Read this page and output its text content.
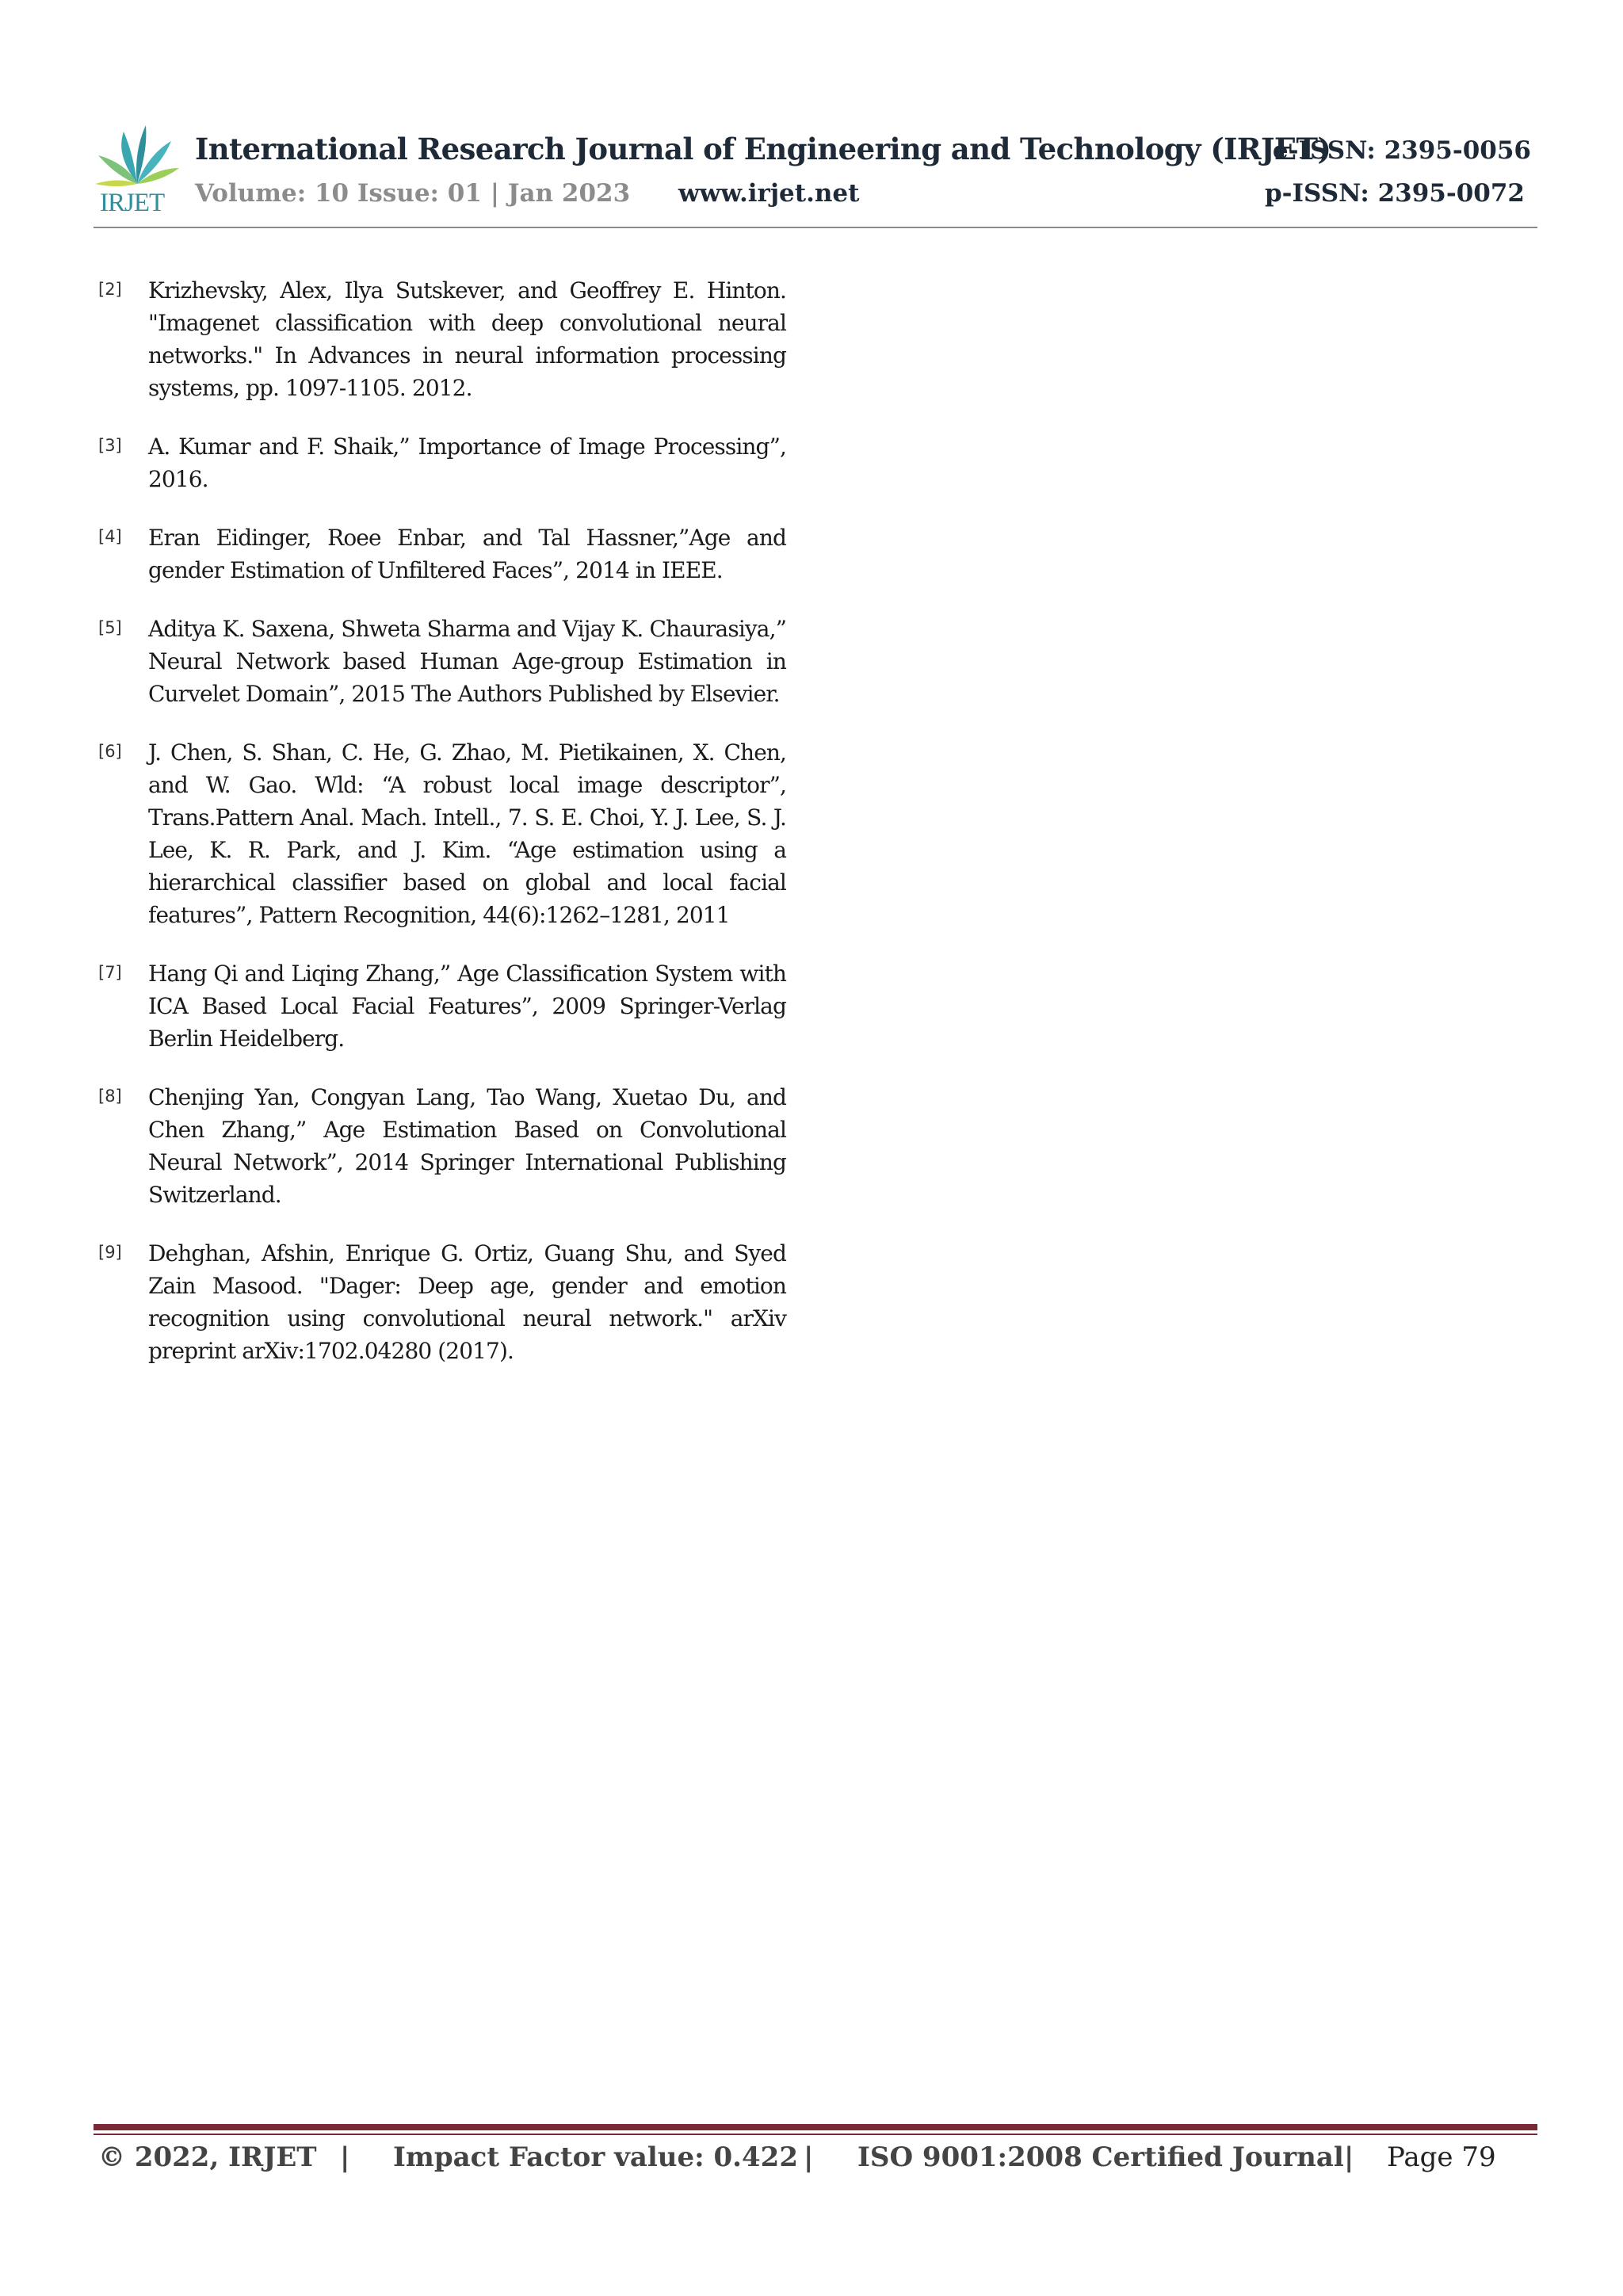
IRJET
International Research Journal of Engineering and Technology (IRJET)
Volume: 10 Issue: 01 | Jan 2023 www.irjet.net
e-ISSN: 2395-0056
p-ISSN: 2395-0072
[2] Krizhevsky, Alex, Ilya Sutskever, and Geoffrey E. Hinton. "Imagenet classification with deep convolutional neural networks." In Advances in neural information processing systems, pp. 1097-1105. 2012.
[3] A. Kumar and F. Shaik,” Importance of Image Processing”, 2016.
[4] Eran Eidinger, Roee Enbar, and Tal Hassner,”Age and gender Estimation of Unfiltered Faces”, 2014 in IEEE.
[5] Aditya K. Saxena, Shweta Sharma and Vijay K. Chaurasiya,” Neural Network based Human Age-group Estimation in Curvelet Domain”, 2015 The Authors Published by Elsevier.
[6] J. Chen, S. Shan, C. He, G. Zhao, M. Pietikainen, X. Chen, and W. Gao. Wld: “A robust local image descriptor”, Trans.Pattern Anal. Mach. Intell., 7. S. E. Choi, Y. J. Lee, S. J. Lee, K. R. Park, and J. Kim. “Age estimation using a hierarchical classifier based on global and local facial features”, Pattern Recognition, 44(6):1262–1281, 2011
[7] Hang Qi and Liqing Zhang,” Age Classification System with ICA Based Local Facial Features”, 2009 Springer-Verlag Berlin Heidelberg.
[8] Chenjing Yan, Congyan Lang, Tao Wang, Xuetao Du, and Chen Zhang,” Age Estimation Based on Convolutional Neural Network”, 2014 Springer International Publishing Switzerland.
[9] Dehghan, Afshin, Enrique G. Ortiz, Guang Shu, and Syed Zain Masood. "Dager: Deep age, gender and emotion recognition using convolutional neural network." arXiv preprint arXiv:1702.04280 (2017).
© 2022, IRJET | Impact Factor value: 0.422 | ISO 9001:2008 Certified Journal | Page 79
